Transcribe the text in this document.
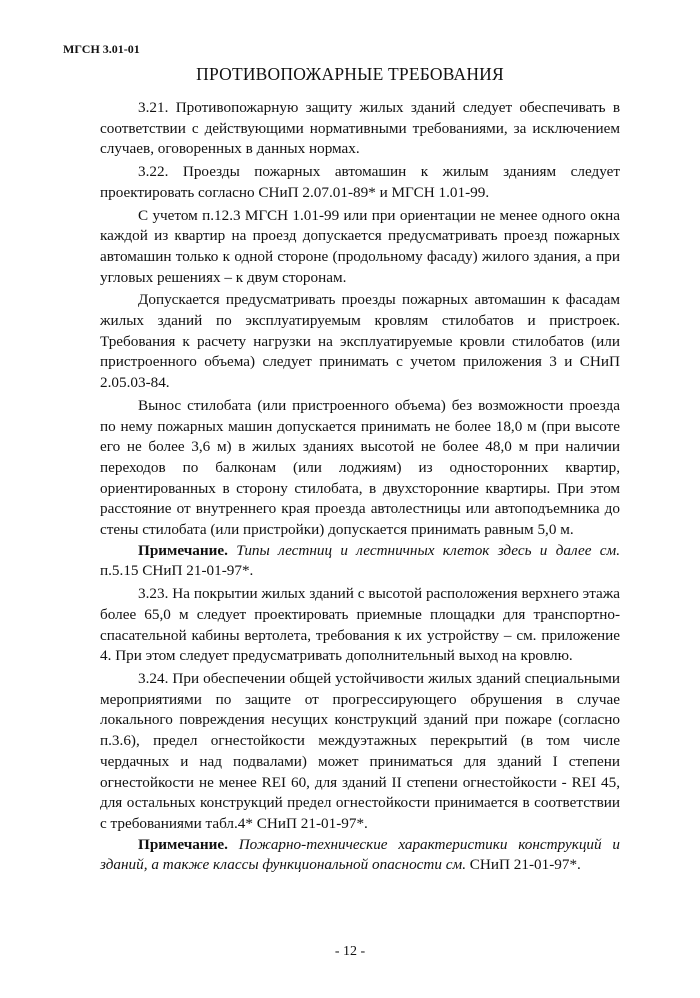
МГСН 3.01-01
ПРОТИВОПОЖАРНЫЕ ТРЕБОВАНИЯ

3.21. Противопожарную защиту жилых зданий следует обеспечивать в соответствии с действующими нормативными требованиями, за исключением случаев, оговоренных в данных нормах.

3.22. Проезды пожарных автомашин к жилым зданиям следует проектировать согласно СНиП 2.07.01-89* и МГСН 1.01-99.

С учетом п.12.3 МГСН 1.01-99 или при ориентации не менее одного окна каждой из квартир на проезд допускается предусматривать проезд пожарных автомашин только к одной стороне (продольному фасаду) жилого здания, а при угловых решениях – к двум сторонам.

Допускается предусматривать проезды пожарных автомашин к фасадам жилых зданий по эксплуатируемым кровлям стилобатов и пристроек. Требования к расчету нагрузки на эксплуатируемые кровли стилобатов (или пристроенного объема) следует принимать с учетом приложения 3 и СНиП 2.05.03-84.

Вынос стилобата (или пристроенного объема) без возможности проезда по нему пожарных машин допускается принимать не более 18,0 м (при высоте его не более 3,6 м) в жилых зданиях высотой не более 48,0 м при наличии переходов по балконам (или лоджиям) из односторонних квартир, ориентированных в сторону стилобата, в двухсторонние квартиры. При этом расстояние от внутреннего края проезда автолестницы или автоподъемника до стены стилобата (или пристройки) допускается принимать равным 5,0 м.

Примечание. Типы лестниц и лестничных клеток здесь и далее см. п.5.15 СНиП 21-01-97*.

3.23. На покрытии жилых зданий с высотой расположения верхнего этажа более 65,0 м следует проектировать приемные площадки для транспортно-спасательной кабины вертолета, требования к их устройству – см. приложение 4. При этом следует предусматривать дополнительный выход на кровлю.

3.24. При обеспечении общей устойчивости жилых зданий специальными мероприятиями по защите от прогрессирующего обрушения в случае локального повреждения несущих конструкций зданий при пожаре (согласно п.3.6), предел огнестойкости междуэтажных перекрытий (в том числе чердачных и над подвалами) может приниматься для зданий I степени огнестойкости не менее REI 60, для зданий II степени огнестойкости - REI 45, для остальных конструкций предел огнестойкости принимается в соответствии с требованиями табл.4* СНиП 21-01-97*.

Примечание. Пожарно-технические характеристики конструкций и зданий, а также классы функциональной опасности см. СНиП 21-01-97*.

- 12 -
